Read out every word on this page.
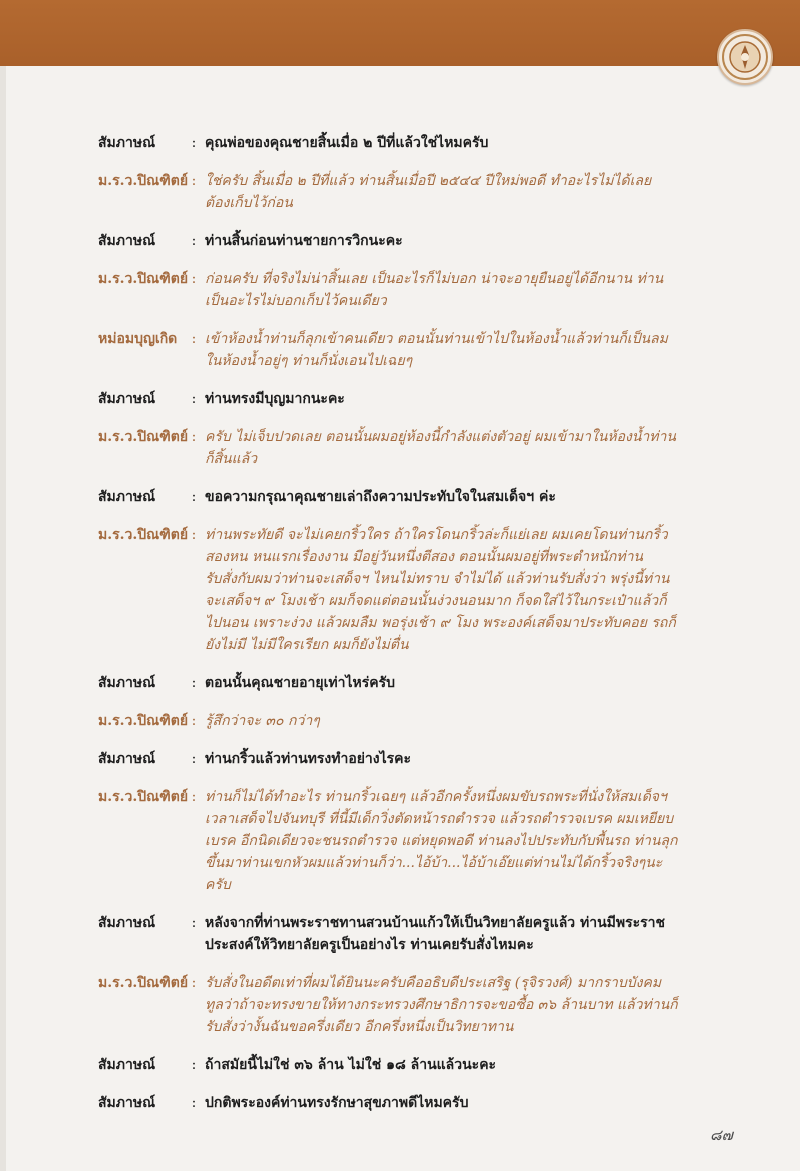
สัมภาษณ์	: คุณพ่อของคุณชายสิ้นเมื่อ ๒ ปีที่แล้วใช่ไหมครับ
ม.ร.ว.ปิณฑิตย์ : ใช่ครับ สิ้นเมื่อ ๒ ปีที่แล้ว ท่านสิ้นเมื่อปี ๒๕๔๔ ปีใหม่พอดี ทำอะไรไม่ได้เลย ต้องเก็บไว้ก่อน
สัมภาษณ์	: ท่านสิ้นก่อนท่านชายการวิกนะคะ
ม.ร.ว.ปิณฑิตย์ : ก่อนครับ ที่จริงไม่น่าสิ้นเลย เป็นอะไรก็ไม่บอก น่าจะอายุยืนอยู่ได้อีกนาน ท่านเป็นอะไรไม่บอกเก็บไว้คนเดียว
หม่อมบุญเกิด	: เข้าห้องน้ำท่านก็ลุกเข้าคนเดียว ตอนนั้นท่านเข้าไปในห้องน้ำแล้วท่านก็เป็นลมในห้องน้ำอยู่ๆ ท่านก็นั่งเอนไปเฉยๆ
สัมภาษณ์	: ท่านทรงมีบุญมากนะคะ
ม.ร.ว.ปิณฑิตย์ : ครับ ไม่เจ็บปวดเลย ตอนนั้นผมอยู่ห้องนี้กำลังแต่งตัวอยู่ ผมเข้ามาในห้องน้ำท่านก็สิ้นแล้ว
สัมภาษณ์	: ขอความกรุณาคุณชายเล่าถึงความประทับใจในสมเด็จฯ ค่ะ
ม.ร.ว.ปิณฑิตย์ : ท่านพระทัยดี จะไม่เคยกริ้วใคร ถ้าใครโดนกริ้วล่ะก็แย่เลย ผมเคยโดนท่านกริ้วสองหน หนแรกเรื่องงาน มีอยู่วันหนึ่งตีสอง ตอนนั้นผมอยู่ที่พระตำหนักท่าน รับสั่งกับผมว่าท่านจะเสด็จฯ ไหนไม่ทราบ จำไม่ได้ แล้วท่านรับสั่งว่า พรุ่งนี้ท่านจะเสด็จฯ ๙ โมงเช้า ผมก็จดแต่ตอนนั้นง่วงนอนมาก ก็จดใส่ไว้ในกระเป๋าแล้วก็ไปนอน เพราะง่วง แล้วผมลืม พอรุ่งเช้า ๙ โมง พระองค์เสด็จมาประทับคอย รถก็ยังไม่มี ไม่มีใครเรียก ผมก็ยังไม่ตื่น
สัมภาษณ์	: ตอนนั้นคุณชายอายุเท่าไหร่ครับ
ม.ร.ว.ปิณฑิตย์ : รู้สึกว่าจะ ๓๐ กว่าๆ
สัมภาษณ์	: ท่านกริ้วแล้วท่านทรงทำอย่างไรคะ
ม.ร.ว.ปิณฑิตย์ : ท่านก็ไม่ได้ทำอะไร ท่านกริ้วเฉยๆ แล้วอีกครั้งหนึ่งผมขับรถพระที่นั่งให้สมเด็จฯ เวลาเสด็จไปจันทบุรี ที่นี้มีเด็กวิ่งตัดหน้ารถตำรวจ แล้วรถตำรวจเบรค ผมเหยียบเบรค อีกนิดเดียวจะชนรถตำรวจ แต่หยุดพอดี ท่านลงไปประทับกับพื้นรถ ท่านลุกขึ้นมาท่านเขกหัวผมแล้วท่านก็ว่า...ไอ้บ้า...ไอ้บ้าเอ๊ยแต่ท่านไม่ได้กริ้วจริงๆนะครับ
สัมภาษณ์	: หลังจากที่ท่านพระราชทานสวนบ้านแก้วให้เป็นวิทยาลัยครูแล้ว ท่านมีพระราชประสงค์ให้วิทยาลัยครูเป็นอย่างไร ท่านเคยรับสั่งไหมคะ
ม.ร.ว.ปิณฑิตย์ : รับสั่งในอดีตเท่าที่ผมได้ยินนะครับคืออธิบดีประเสริฐ (รุจิรวงศ์) มากราบบังคมทูลว่าถ้าจะทรงขายให้ทางกระทรวงศึกษาธิการจะขอซื้อ ๓๖ ล้านบาท แล้วท่านก็รับสั่งว่างั้นฉันขอครึ่งเดียว อีกครึ่งหนึ่งเป็นวิทยาทาน
สัมภาษณ์	: ถ้าสมัยนี้ไม่ใช่ ๓๖ ล้าน ไม่ใช่ ๑๘ ล้านแล้วนะคะ
สัมภาษณ์	: ปกติพระองค์ท่านทรงรักษาสุขภาพดีไหมครับ
๘๗
